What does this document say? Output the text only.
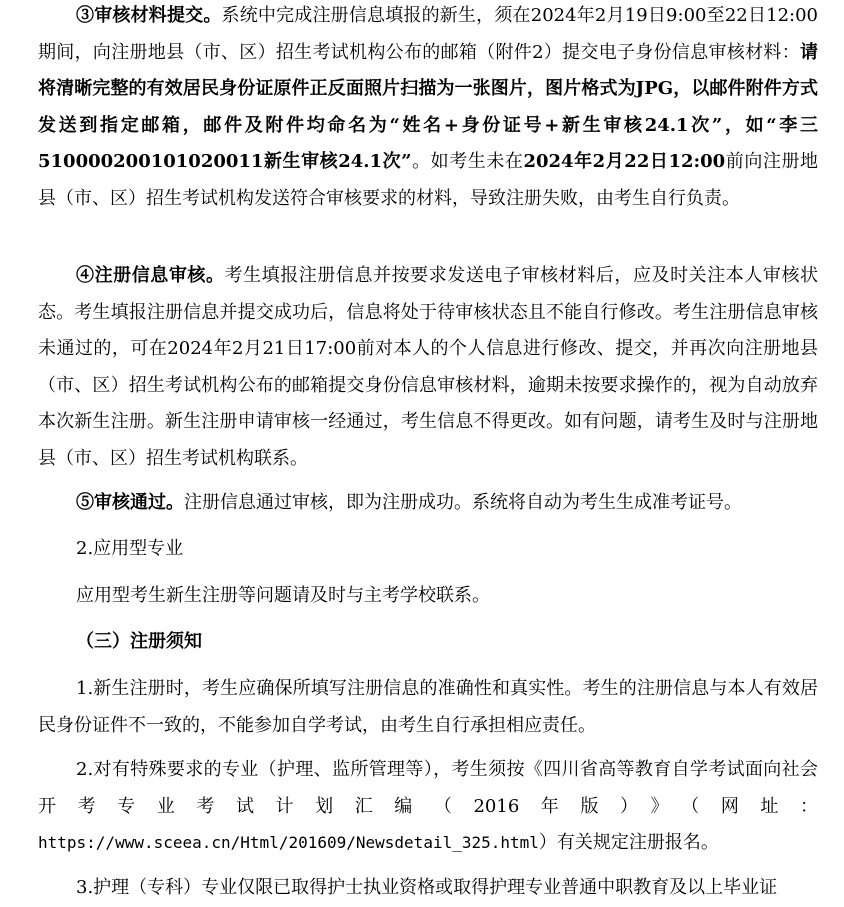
③审核材料提交。系统中完成注册信息填报的新生，须在2024年2月19日9:00至22日12:00期间，向注册地县（市、区）招生考试机构公布的邮箱（附件2）提交电子身份信息审核材料：请将清晰完整的有效居民身份证原件正反面照片扫描为一张图片，图片格式为JPG，以邮件附件方式发送到指定邮箱，邮件及附件均命名为“姓名+身份证号+新生审核24.1次”，如“李三510000200101020011新生审核24.1次”。如考生未在2024年2月22日12:00前向注册地县（市、区）招生考试机构发送符合审核要求的材料，导致注册失败，由考生自行负责。

④注册信息审核。考生填报注册信息并按要求发送电子审核材料后，应及时关注本人审核状态。考生填报注册信息并提交成功后，信息将处于待审核状态且不能自行修改。考生注册信息审核未通过的，可在2024年2月21日17:00前对本人的个人信息进行修改、提交，并再次向注册地县（市、区）招生考试机构公布的邮箱提交身份信息审核材料，逾期未按要求操作的，视为自动放弃本次新生注册。新生注册申请审核一经通过，考生信息不得更改。如有问题，请考生及时与注册地县（市、区）招生考试机构联系。

⑤审核通过。注册信息通过审核，即为注册成功。系统将自动为考生生成准考证号。

2.应用型专业

应用型考生新生注册等问题请及时与主考学校联系。

（三）注册须知

1.新生注册时，考生应确保所填写注册信息的准确性和真实性。考生的注册信息与本人有效居民身份证件不一致的，不能参加自学考试，由考生自行承担相应责任。

2.对有特殊要求的专业（护理、监所管理等），考生须按《四川省高等教育自学考试面向社会开考专业考试计划汇编（2016年版）》（网址：https://www.sceea.cn/Html/201609/Newsdetail_325.html）有关规定注册报名。

3.护理（专科）专业仅限已取得护士执业资格或取得护理专业普通中职教育及以上毕业证
